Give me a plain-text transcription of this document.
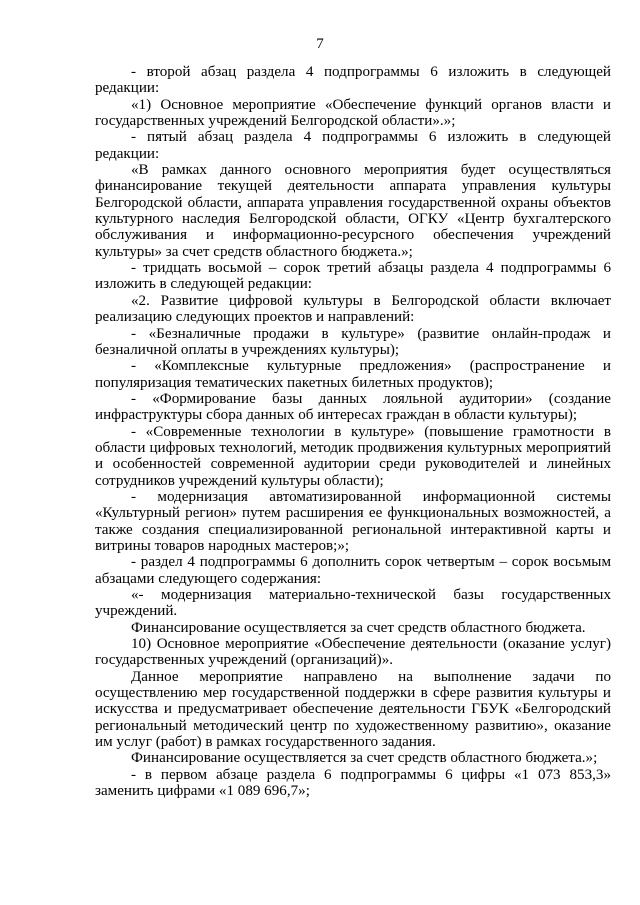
7

- второй абзац раздела 4 подпрограммы 6 изложить в следующей редакции:

«1) Основное мероприятие «Обеспечение функций органов власти и государственных учреждений Белгородской области».»;

- пятый абзац раздела 4 подпрограммы 6 изложить в следующей редакции:

«В рамках данного основного мероприятия будет осуществляться финансирование текущей деятельности аппарата управления культуры Белгородской области, аппарата управления государственной охраны объектов культурного наследия Белгородской области, ОГКУ «Центр бухгалтерского обслуживания и информационно-ресурсного обеспечения учреждений культуры» за счет средств областного бюджета.»;

- тридцать восьмой – сорок третий абзацы раздела 4 подпрограммы 6 изложить в следующей редакции:

«2. Развитие цифровой культуры в Белгородской области включает реализацию следующих проектов и направлений:

- «Безналичные продажи в культуре» (развитие онлайн-продаж и безналичной оплаты в учреждениях культуры);

- «Комплексные культурные предложения» (распространение и популяризация тематических пакетных билетных продуктов);

- «Формирование базы данных лояльной аудитории» (создание инфраструктуры сбора данных об интересах граждан в области культуры);

- «Современные технологии в культуре» (повышение грамотности в области цифровых технологий, методик продвижения культурных мероприятий и особенностей современной аудитории среди руководителей и линейных сотрудников учреждений культуры области);

- модернизация автоматизированной информационной системы «Культурный регион» путем расширения ее функциональных возможностей, а также создания специализированной региональной интерактивной карты и витрины товаров народных мастеров;»;

- раздел 4 подпрограммы 6 дополнить сорок четвертым – сорок восьмым абзацами следующего содержания:

«- модернизация материально-технической базы государственных учреждений.

Финансирование осуществляется за счет средств областного бюджета.

10) Основное мероприятие «Обеспечение деятельности (оказание услуг) государственных учреждений (организаций)».

Данное мероприятие направлено на выполнение задачи по осуществлению мер государственной поддержки в сфере развития культуры и искусства и предусматривает обеспечение деятельности ГБУК «Белгородский региональный методический центр по художественному развитию», оказание им услуг (работ) в рамках государственного задания.

Финансирование осуществляется за счет средств областного бюджета.»;

- в первом абзаце раздела 6 подпрограммы 6 цифры «1 073 853,3» заменить цифрами «1 089 696,7»;
